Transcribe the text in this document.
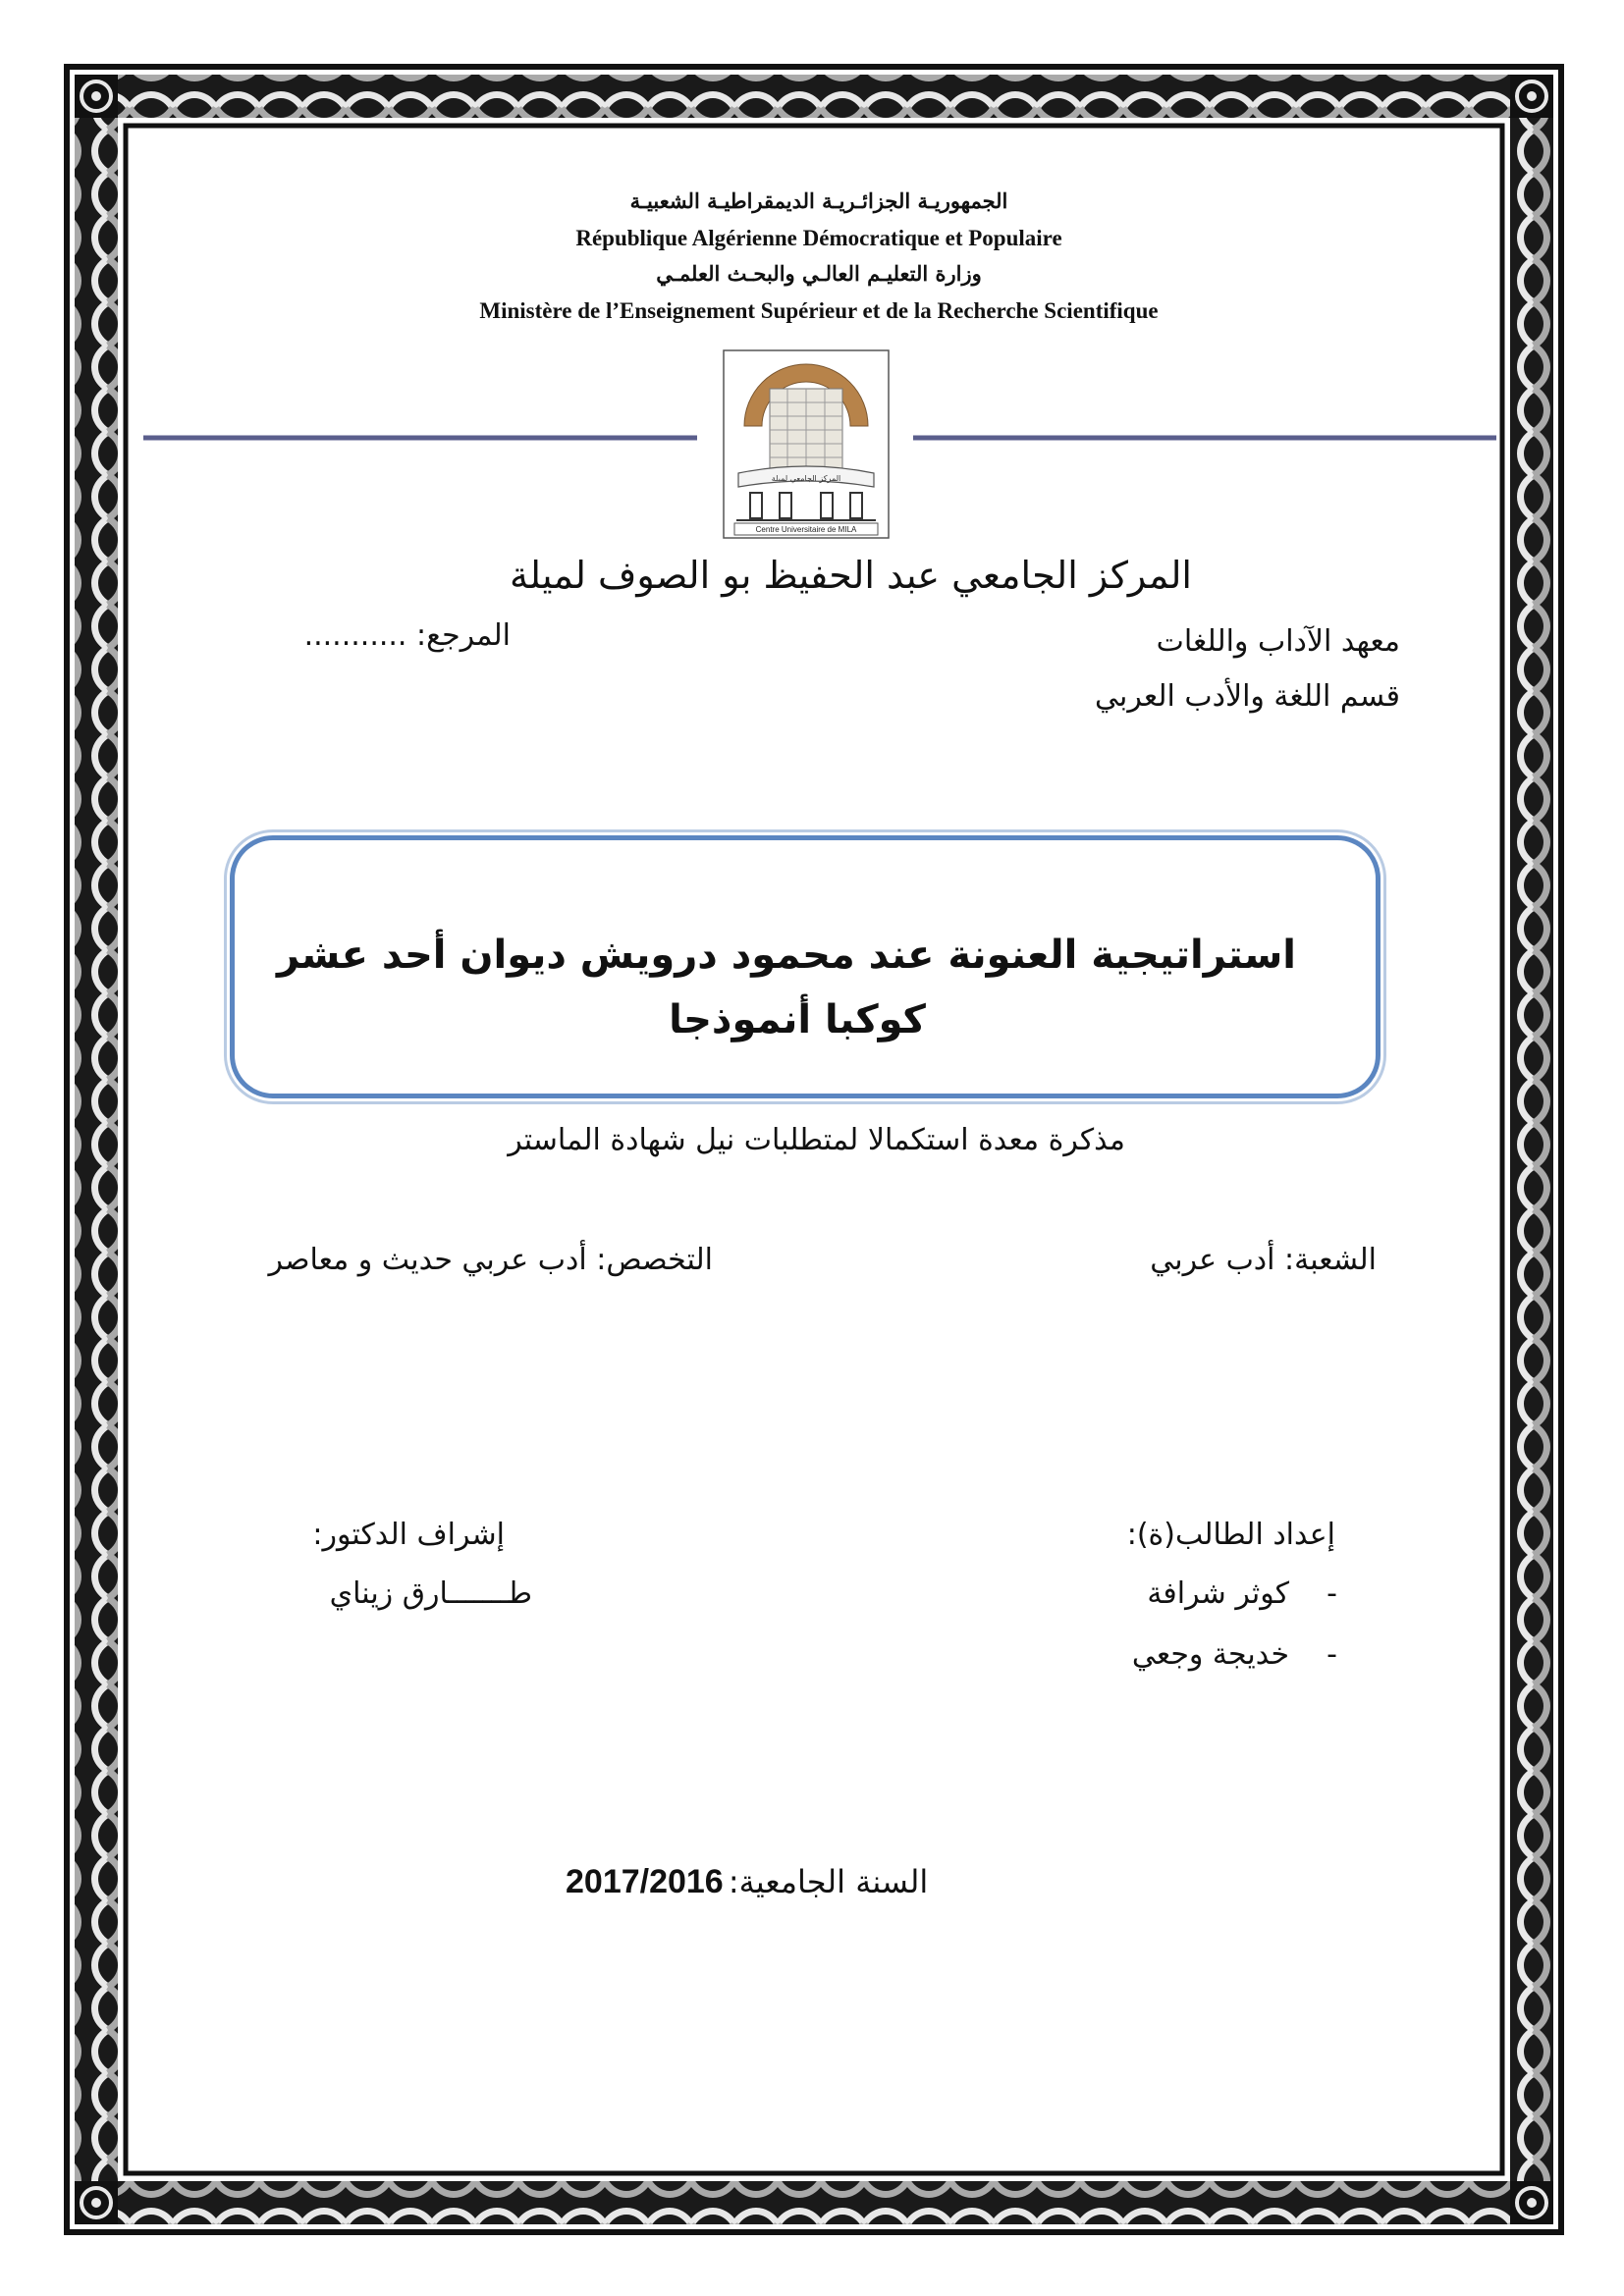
الجمهوريـة الجزائـريـة الديمقراطيـة الشعبيـة
République Algérienne Démocratique et Populaire
وزارة التعليـم العالـي والبحـث العلمـي
Ministère de l’Enseignement Supérieur et de la Recherche Scientifique
المركز الجامعي لميلة
Centre Universitaire de MILA
المركز الجامعي عبد الحفيظ بو الصوف لميلة
معهد الآداب واللغات
المرجع: ...........
قسم اللغة والأدب العربي
استراتيجية العنونة عند محمود درويش ديوان أحد عشر
كوكبا أنموذجا
مذكرة معدة استكمالا لمتطلبات نيل شهادة الماستر
الشعبة: أدب عربي
التخصص: أدب عربي حديث و معاصر
إعداد الطالب(ة):
-    كوثر شرافة
-    خديجة وجعي
إشراف الدكتور:
طـــــــارق زيناي
السنة الجامعية: 2017/2016
